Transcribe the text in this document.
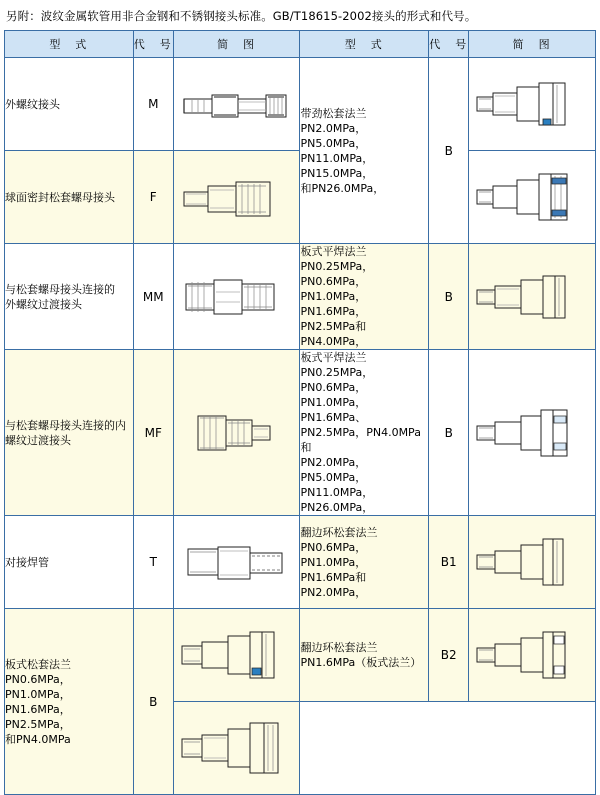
另附：波纹金属软管用非合金钢和不锈钢接头标准。GB/T18615-2002接头的形式和代号。
型　式	代　号	简　图	型　式	代　号	简　图

外螺纹接头	M		带劲松套法兰
PN2.0MPa，PN5.0MPa，
PN11.0MPa，PN15.0MPa，
和PN26.0MPa，	B	

球面密封松套螺母接头	F	

与松套螺母接头连接的
外螺纹过渡接头	MM		板式平焊法兰
PN0.25MPa，PN0.6MPa，
PN1.0MPa，PN1.6MPa，
PN2.5MPa和PN4.0MPa，	B	

与松套螺母接头连接的内
螺纹过渡接头
	MF	

板式平焊法兰
PN0.25MPa，PN0.6MPa，
PN1.0MPa，PN1.6MPa、
PN2.5MPa，PN4.0MPa和
PN2.0MPa，PN5.0MPa，
PN11.0MPa，PN26.0MPa，
	B	

对接焊管	T		翻边环松套法兰
PN0.6MPa，PN1.0MPa，
PN1.6MPa和PN2.0MPa，	B1	

板式松套法兰
PN0.6MPa，PN1.0MPa，
PN1.6MPa，PN2.5MPa，
和PN4.0MPa	B		翻边环松套法兰
PN1.6MPa（板式法兰）	B2	
